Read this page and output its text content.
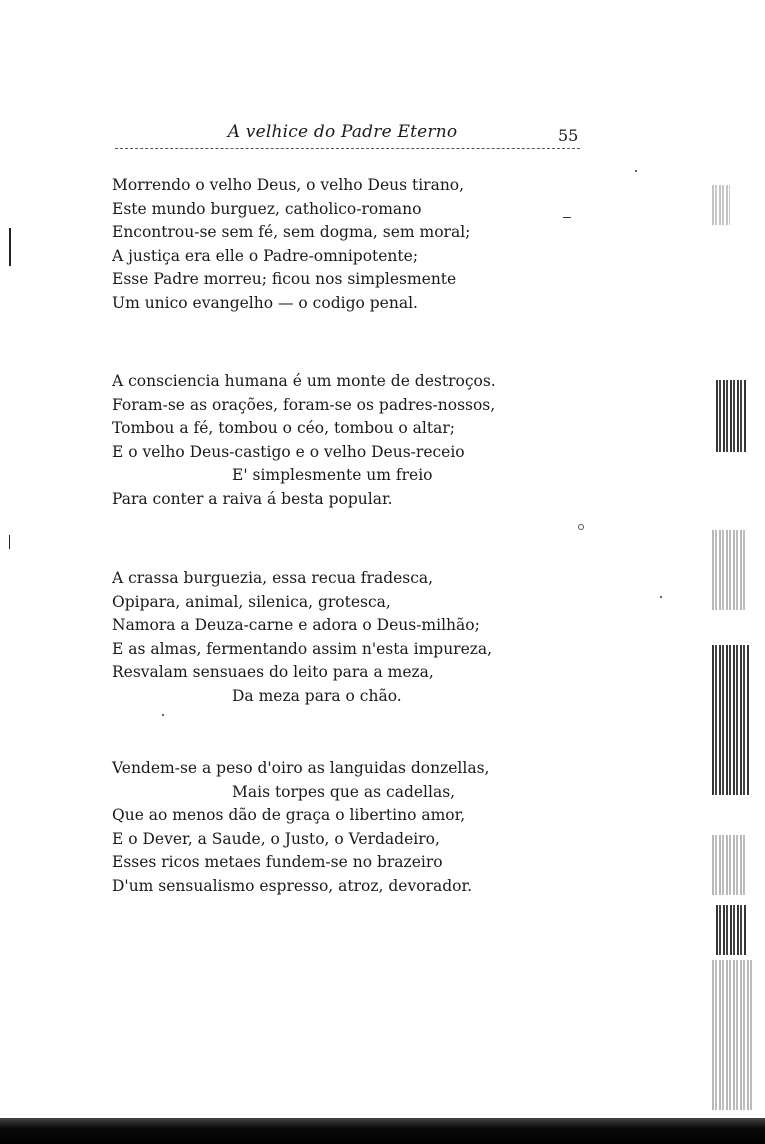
A velhice do Padre Eterno	55
Morrendo o velho Deus, o velho Deus tirano,
Este mundo burguez, catholico-romano
Encontrou-se sem fé, sem dogma, sem moral;
A justiça era elle o Padre-omnipotente;
Esse Padre morreu; ficou nos simplesmente
Um unico evangelho — o codigo penal.
A consciencia humana é um monte de destroços.
Foram-se as orações, foram-se os padres-nossos,
Tombou a fé, tombou o céo, tombou o altar;
E o velho Deus-castigo e o velho Deus-receio
E' simplesmente um freio
Para conter a raiva á besta popular.
A crassa burguezia, essa recua fradesca,
Opipara, animal, silenica, grotesca,
Namora a Deuza-carne e adora o Deus-milhão;
E as almas, fermentando assim n'esta impureza,
Resvalam sensuaes do leito para a meza,
Da meza para o chão.
Vendem-se a peso d'oiro as languidas donzellas,
Mais torpes que as cadellas,
Que ao menos dão de graça o libertino amor,
E o Dever, a Saude, o Justo, o Verdadeiro,
Esses ricos metaes fundem-se no brazeiro
D'um sensualismo espresso, atroz, devorador.
